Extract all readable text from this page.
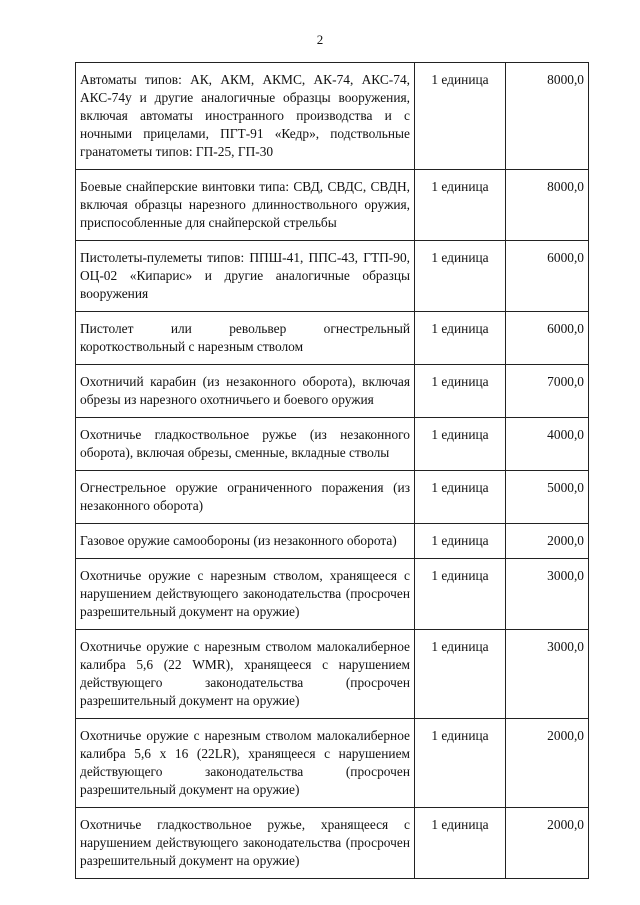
2
Автоматы типов: АК, АКМ, АКМС, АК-74, АКС-74, АКС-74у и другие аналогичные образцы вооружения, включая автоматы иностранного производства и с ночными прицелами, ПГТ-91 «Кедр», подствольные гранатометы типов: ГП-25, ГП-30	1 единица	8000,0
Боевые снайперские винтовки типа: СВД, СВДС, СВДН, включая образцы нарезного длинноствольного оружия, приспособленные для снайперской стрельбы	1 единица	8000,0
Пистолеты-пулеметы типов: ППШ-41, ППС-43, ГТП-90, ОЦ-02 «Кипарис» и другие аналогичные образцы вооружения	1 единица	6000,0
Пистолет или револьвер огнестрельный короткоствольный с нарезным стволом	1 единица	6000,0
Охотничий карабин (из незаконного оборота), включая обрезы из нарезного охотничьего и боевого оружия	1 единица	7000,0
Охотничье гладкоствольное ружье (из незаконного оборота), включая обрезы, сменные, вкладные стволы	1 единица	4000,0
Огнестрельное оружие ограниченного поражения (из незаконного оборота)	1 единица	5000,0
Газовое оружие самообороны (из незаконного оборота)	1 единица	2000,0
Охотничье оружие с нарезным стволом, хранящееся с нарушением действующего законодательства (просрочен разрешительный документ на оружие)	1 единица	3000,0
Охотничье оружие с нарезным стволом малокалиберное калибра 5,6 (22 WMR), хранящееся с нарушением действующего законодательства (просрочен разрешительный документ на оружие)	1 единица	3000,0
Охотничье оружие с нарезным стволом малокалиберное калибра 5,6 х 16 (22LR), хранящееся с нарушением действующего законодательства (просрочен разрешительный документ на оружие)	1 единица	2000,0
Охотничье гладкоствольное ружье, хранящееся с нарушением действующего законодательства (просрочен разрешительный документ на оружие)	1 единица	2000,0
